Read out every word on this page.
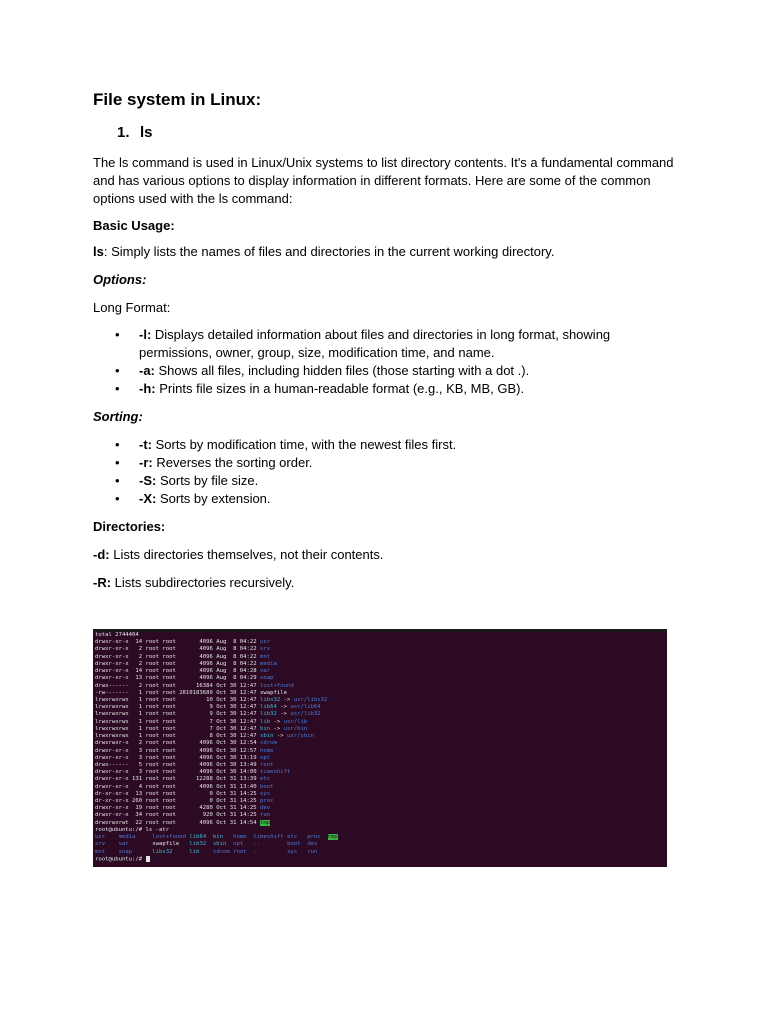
File system in Linux:
1. ls

The ls command is used in Linux/Unix systems to list directory contents. It's a fundamental command
and has various options to display information in different formats. Here are some of the common
options used with the ls command:

Basic Usage:

ls: Simply lists the names of files and directories in the current working directory.

Options:

Long Format:

• -l: Displays detailed information about files and directories in long format, showing
permissions, owner, group, size, modification time, and name.
• -a: Shows all files, including hidden files (those starting with a dot .).
• -h: Prints file sizes in a human-readable format (e.g., KB, MB, GB).

Sorting:

• -t: Sorts by modification time, with the newest files first.
• -r: Reverses the sorting order.
• -S: Sorts by file size.
• -X: Sorts by extension.

Directories:

-d: Lists directories themselves, not their contents.

-R: Lists subdirectories recursively.

total 2744404
drwxr-xr-x  14 root root       4096 Aug  8 04:22 usr
drwxr-xr-x   2 root root       4096 Aug  8 04:22 srv
drwxr-xr-x   2 root root       4096 Aug  8 04:22 mnt
drwxr-xr-x   2 root root       4096 Aug  8 04:22 media
drwxr-xr-x  14 root root       4096 Aug  8 04:28 var
drwxr-xr-x  13 root root       4096 Aug  8 04:29 snap
drwx------   2 root root      16384 Oct 30 12:47 lost+found
-rw-------   1 root root 2810183680 Oct 30 12:47 swapfile
lrwxrwxrwx   1 root root         10 Oct 30 12:47 libx32 -> usr/libx32
lrwxrwxrwx   1 root root          9 Oct 30 12:47 lib64 -> usr/lib64
lrwxrwxrwx   1 root root          9 Oct 30 12:47 lib32 -> usr/lib32
lrwxrwxrwx   1 root root          7 Oct 30 12:47 lib -> usr/lib
lrwxrwxrwx   1 root root          7 Oct 30 12:47 bin -> usr/bin
lrwxrwxrwx   1 root root          8 Oct 30 12:47 sbin -> usr/sbin
drwxrwxr-x   2 root root       4096 Oct 30 12:54 cdrom
drwxr-xr-x   3 root root       4096 Oct 30 12:57 home
drwxr-xr-x   3 root root       4096 Oct 30 13:19 opt
drwx------   5 root root       4096 Oct 30 13:49 root
drwxr-xr-x   3 root root       4096 Oct 30 14:00 timeshift
drwxr-xr-x 131 root root      12288 Oct 31 13:39 etc
drwxr-xr-x   4 root root       4096 Oct 31 13:40 boot
dr-xr-xr-x  13 root root          0 Oct 31 14:25 sys
dr-xr-xr-x 260 root root          0 Oct 31 14:25 proc
drwxr-xr-x  19 root root       4280 Oct 31 14:25 dev
drwxr-xr-x  34 root root        920 Oct 31 14:25 run
drwxrwxrwt  22 root root       4096 Oct 31 14:54 tmp
root@ubuntu:/# ls -atr
usr media	lost+found lib64 bin home timeshift etc proc tmp
srv var	swapfile lib32 sbin opt ..	boot dev
mnt snap	libx32	lib cdrom root .	sys run
root@ubuntu:/#
